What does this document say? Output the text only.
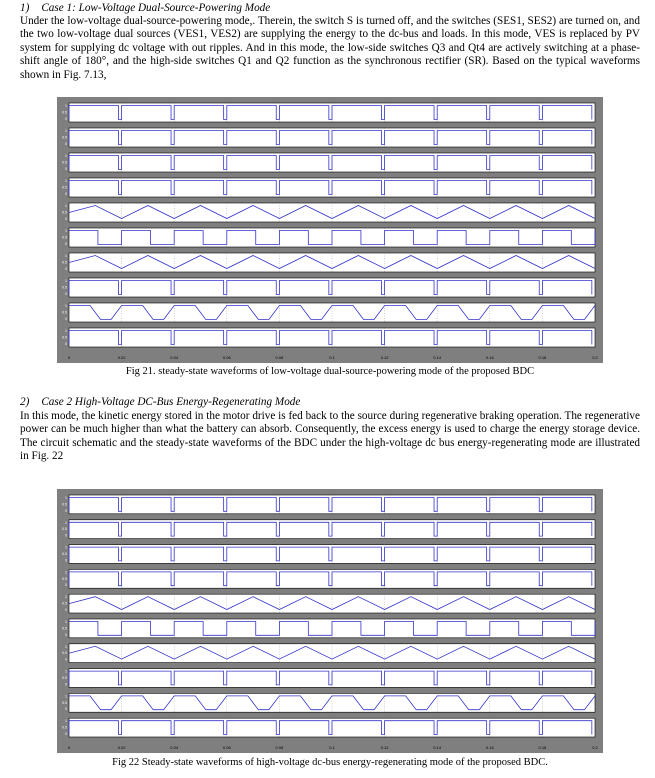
1) Case 1: Low-Voltage Dual-Source-Powering Mode
Under the low-voltage dual-source-powering mode,. Therein, the switch S is turned off, and the switches (SES1, SES2) are turned on, and the two low-voltage dual sources (VES1, VES2) are supplying the energy to the dc-bus and loads. In this mode, VES is replaced by PV system for supplying dc voltage with out ripples. And in this mode, the low-side switches Q3 and Qt4 are actively switching at a phase-shift angle of 180°, and the high-side switches Q1 and Q2 function as the synchronous rectifier (SR). Based on the typical waveforms shown in Fig. 7.13,
1
0.5
0
1
0.5
0
1
0.5
0
1
0.5
0
1
0.5
0
1
0.5
0
1
0.5
0
1
0.5
0
1
0.5
0
1
0.5
0
0	0.02	0.04	0.06	0.08	0.1	0.12	0.14	0.16	0.18	0.2
Fig 21. steady-state waveforms of low-voltage dual-source-powering mode of the proposed BDC
2) Case 2 High-Voltage DC-Bus Energy-Regenerating Mode
In this mode, the kinetic energy stored in the motor drive is fed back to the source during regenerative braking operation. The regenerative power can be much higher than what the battery can absorb. Consequently, the excess energy is used to charge the energy storage device. The circuit schematic and the steady-state waveforms of the BDC under the high-voltage dc bus energy-regenerating mode are illustrated in Fig. 22
1
0.5
0
1
0.5
0
1
0.5
0
1
0.5
0
1
0.5
0
1
0.5
0
1
0.5
0
1
0.5
0
1
0.5
0
1
0.5
0
0	0.02	0.04	0.06	0.08	0.1	0.12	0.14	0.16	0.18	0.2
Fig 22 Steady-state waveforms of high-voltage dc-bus energy-regenerating mode of the proposed BDC.
